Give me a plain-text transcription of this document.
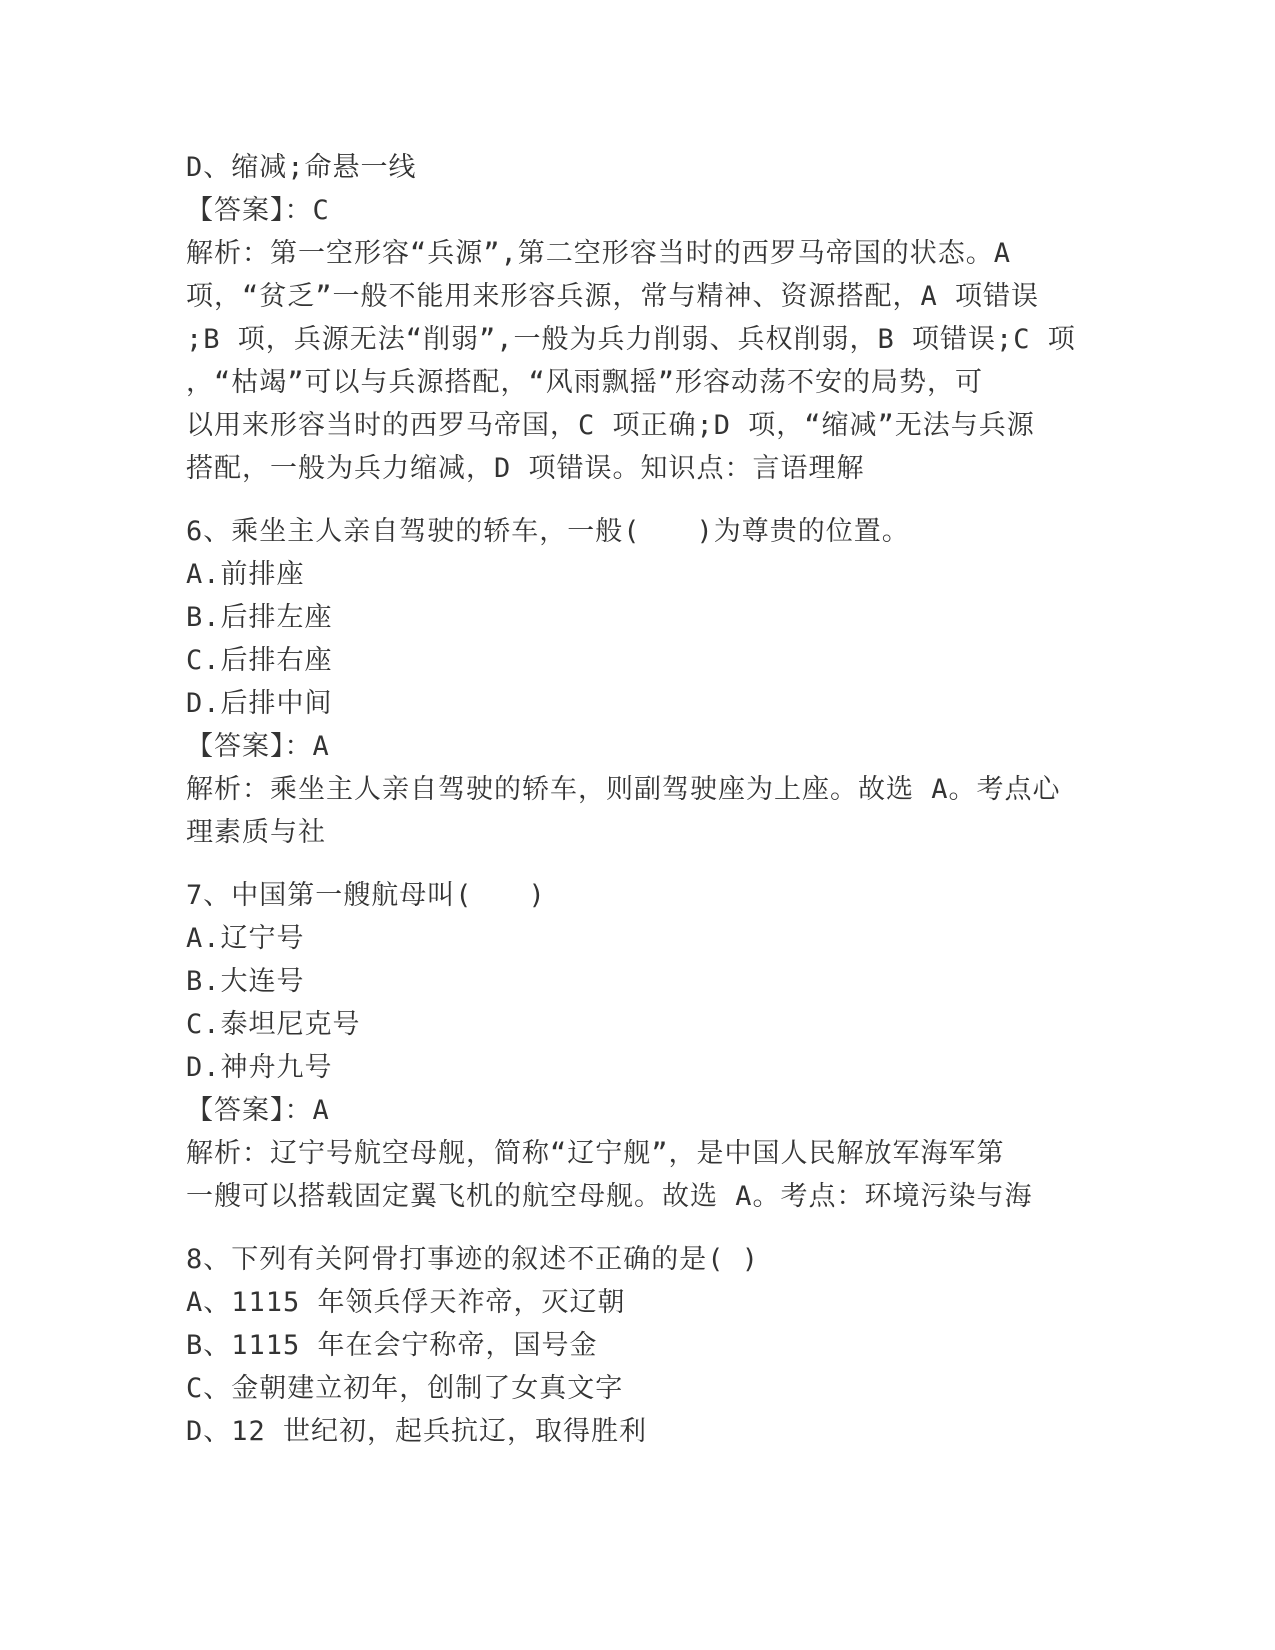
D、缩减;命悬一线
【答案】：C
解析：第一空形容“兵源”,第二空形容当时的西罗马帝国的状态。A
项，“贫乏”一般不能用来形容兵源，常与精神、资源搭配，A 项错误
;B 项，兵源无法“削弱”,一般为兵力削弱、兵权削弱，B 项错误;C 项
，“枯竭”可以与兵源搭配，“风雨飘摇”形容动荡不安的局势，可
以用来形容当时的西罗马帝国，C 项正确;D 项，“缩减”无法与兵源
搭配，一般为兵力缩减，D 项错误。知识点：言语理解
6、乘坐主人亲自驾驶的轿车，一般(　　)为尊贵的位置。
A.前排座
B.后排左座
C.后排右座
D.后排中间
【答案】：A
解析：乘坐主人亲自驾驶的轿车，则副驾驶座为上座。故选 A。考点心
理素质与社
7、中国第一艘航母叫(　　)
A.辽宁号
B.大连号
C.泰坦尼克号
D.神舟九号
【答案】：A
解析：辽宁号航空母舰，简称“辽宁舰”，是中国人民解放军海军第
一艘可以搭载固定翼飞机的航空母舰。故选 A。考点：环境污染与海
8、下列有关阿骨打事迹的叙述不正确的是( )
A、1115 年领兵俘天祚帝，灭辽朝
B、1115 年在会宁称帝，国号金
C、金朝建立初年，创制了女真文字
D、12 世纪初，起兵抗辽，取得胜利
